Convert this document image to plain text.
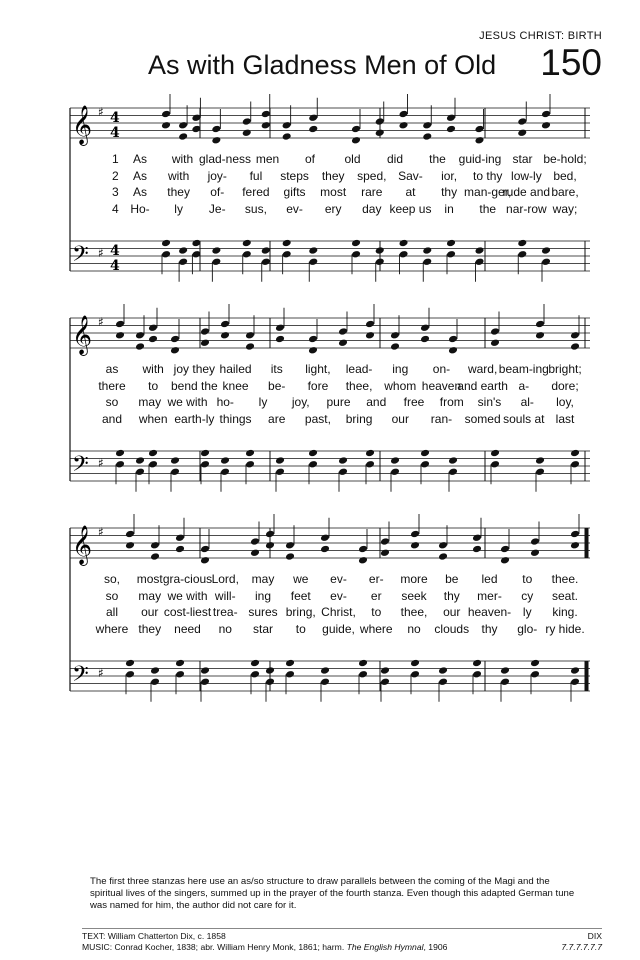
JESUS CHRIST: BIRTH
As with Gladness Men of Old 150
𝄞
𝄢
♯
♯
4
4
4
4
𝄞
𝄢
♯
♯
𝄞
𝄢
♯
♯
1 As with glad-ness men of old did the guid-ing star be-hold;
2 As with joy- ful steps they sped, Sav- ior, to thy low-ly bed,
3 As they of- fered gifts most rare at thy man-ger,
rude and bare,
4 Ho- ly Je- sus, ev- ery day keep us in the nar-row way;
as with joy they hailed its light, lead- ing on- ward, beam-ing bright;
there to bend the knee be- fore thee, whom heaven
and earth a- dore;
so may we with ho- ly joy, pure and free from sin's al- loy,
and when earth-ly things are past, bring our ran- somed souls at last
so, most gra-cious Lord, may we ev- er- more be led to thee.
so may we with will- ing feet ev- er seek thy mer- cy seat.
all our cost-liest trea- sures bring, Christ, to thee, our heaven- ly king.
where they need no star to guide, where no clouds thy glo- ry hide.
The first three stanzas here use an as/so structure to draw parallels between the coming of the Magi and the spiritual lives of the singers, summed up in the prayer of the fourth stanza. Even though this adapted German tune was named for him, the author did not care for it.
TEXT: William Chatterton Dix, c. 1858	DIX
MUSIC: Conrad Kocher, 1838; abr. William Henry Monk, 1861; harm. The English Hymnal, 1906	7.7.7.7.7.7
